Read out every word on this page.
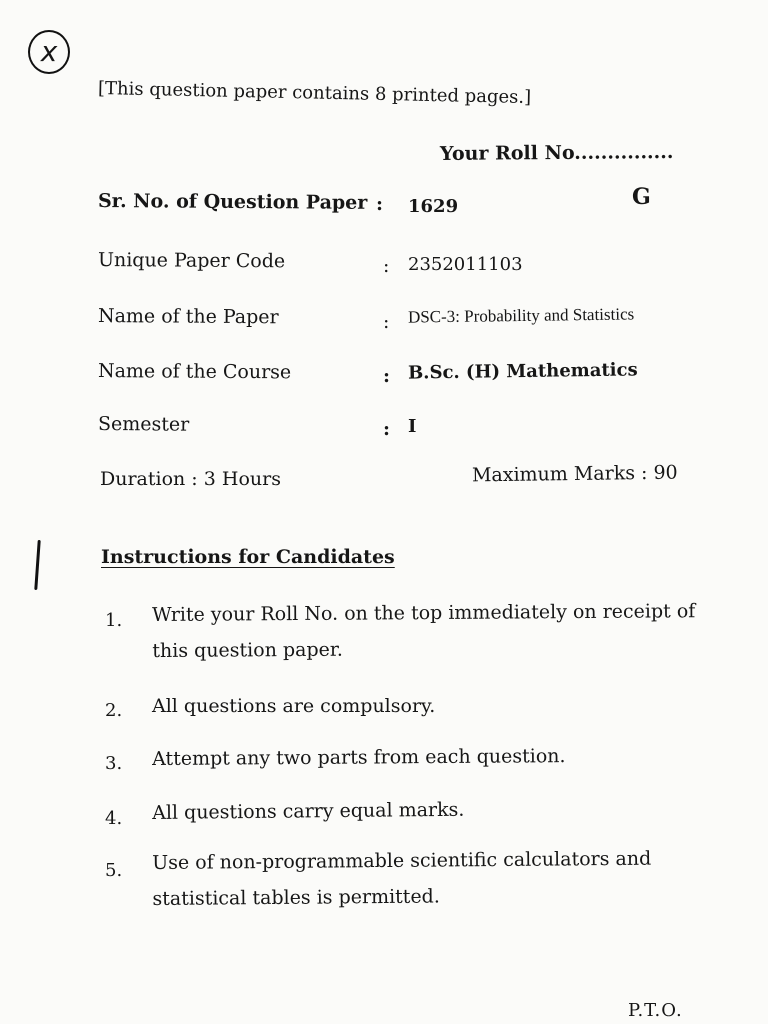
x
[This question paper contains 8 printed pages.]
Your Roll No...............
G
Sr. No. of Question Paper : 1629
Unique Paper Code	: 2352011103
Name of the Paper	: DSC-3: Probability and Statistics
Name of the Course	: B.Sc. (H) Mathematics
Semester	: I
Duration : 3 Hours	Maximum Marks : 90
Instructions for Candidates
1. Write your Roll No. on the top immediately on receipt of this question paper.
2. All questions are compulsory.
3. Attempt any two parts from each question.
4. All questions carry equal marks.
5. Use of non-programmable scientific calculators and statistical tables is permitted.
P.T.O.
